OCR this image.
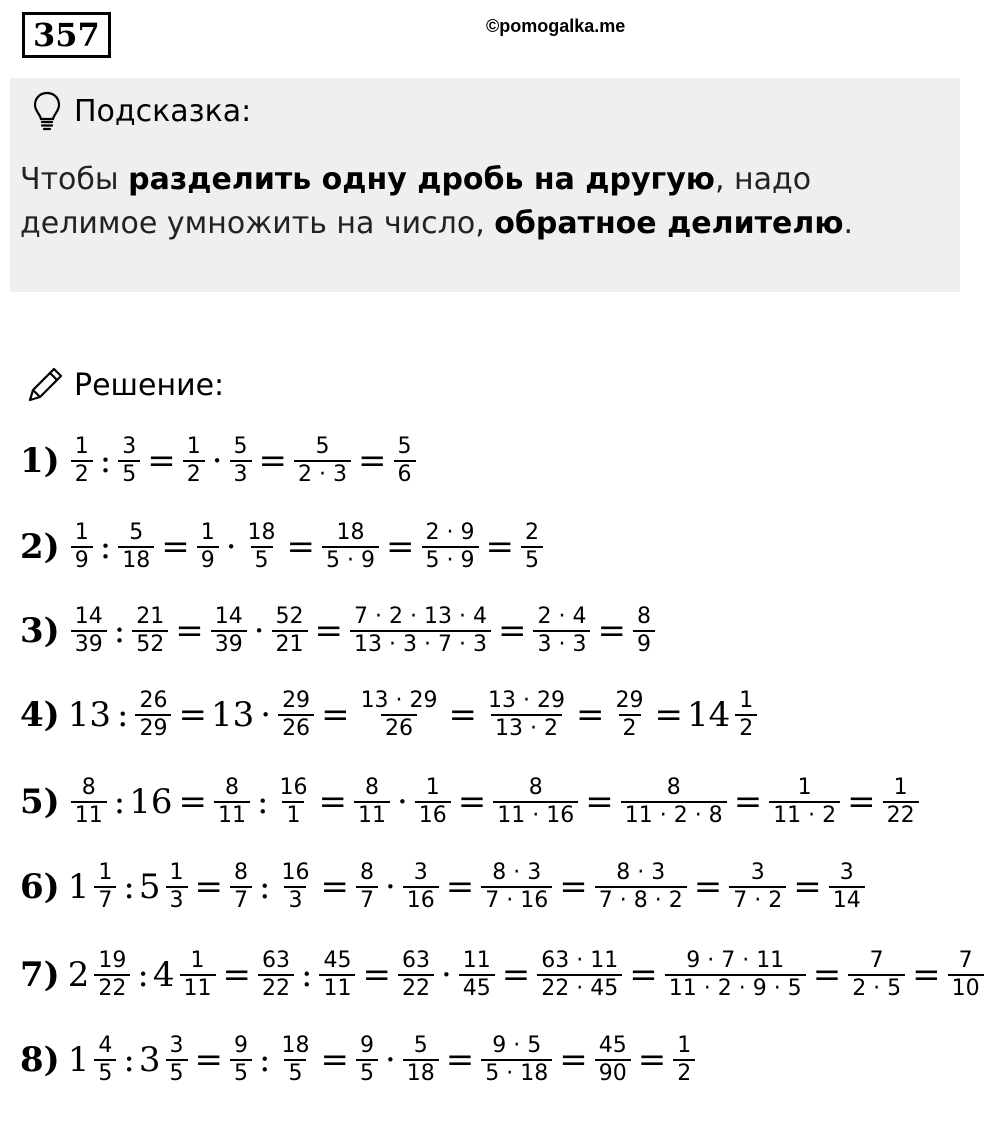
357	©pomogalka.me
Подсказка:
Чтобы разделить одну дробь на другую, надо делимое умножить на число, обратное делителю.
Решение:
$1) \frac{1}{2}$ : $\frac{3}{5} = \frac{1}{2} \cdot \frac{5}{3} = \frac{5}{2 \cdot 3} = \frac{5}{6}$
$2) \frac{1}{9}$ : $\frac{5}{18} = \frac{1}{9} \cdot \frac{18}{5} = \frac{18}{5 \cdot 9} = \frac{2 \cdot 9}{5 \cdot 9} = \frac{2}{5}$
$3) \frac{14}{39}$ : $\frac{21}{52} = \frac{14}{39} \cdot \frac{52}{21} = \frac{7 \cdot 2 \cdot 13 \cdot 4}{13 \cdot 3 \cdot 7 \cdot 3} = \frac{2 \cdot 4}{3 \cdot 3} = \frac{8}{9}$
4) 13 : $\frac{26}{29} = 13 \cdot \frac{29}{26} = \frac{13 \cdot 29}{26} = \frac{13 \cdot 29}{13 \cdot 2} = \frac{29}{2} = 14 \frac{1}{2}$
$5) \frac{8}{11}$ : $16 = \frac{8}{11}$ : $\frac{16}{1} = \frac{8}{11} \cdot \frac{1}{16} = \frac{8}{11 \cdot 16} = \frac{8}{11 \cdot 2 \cdot 8} = \frac{1}{11 \cdot 2} = \frac{1}{22}$
6) $1 \frac{1}{7}$ : $5 \frac{1}{3} = \frac{8}{7}$ : $\frac{16}{3} = \frac{8}{7} \cdot \frac{3}{16} = \frac{8 \cdot 3}{7 \cdot 16} = \frac{8 \cdot 3}{7 \cdot 8 \cdot 2} = \frac{3}{7 \cdot 2} = \frac{3}{14}$
7) $2 \frac{19}{22}$ : $4 \frac{1}{11} = \frac{63}{22}$ : $\frac{45}{11} = \frac{63}{22} \cdot \frac{11}{45} = \frac{63 \cdot 11}{22 \cdot 45} = \frac{9 \cdot 7 \cdot 11}{11 \cdot 2 \cdot 9 \cdot 5} = \frac{7}{2 \cdot 5} = \frac{7}{10}$
8) $1 \frac{4}{5}$ : $3 \frac{3}{5} = \frac{9}{5}$ : $\frac{18}{5} = \frac{9}{5} \cdot \frac{5}{18} = \frac{9 \cdot 5}{5 \cdot 18} = \frac{45}{90} = \frac{1}{2}$
